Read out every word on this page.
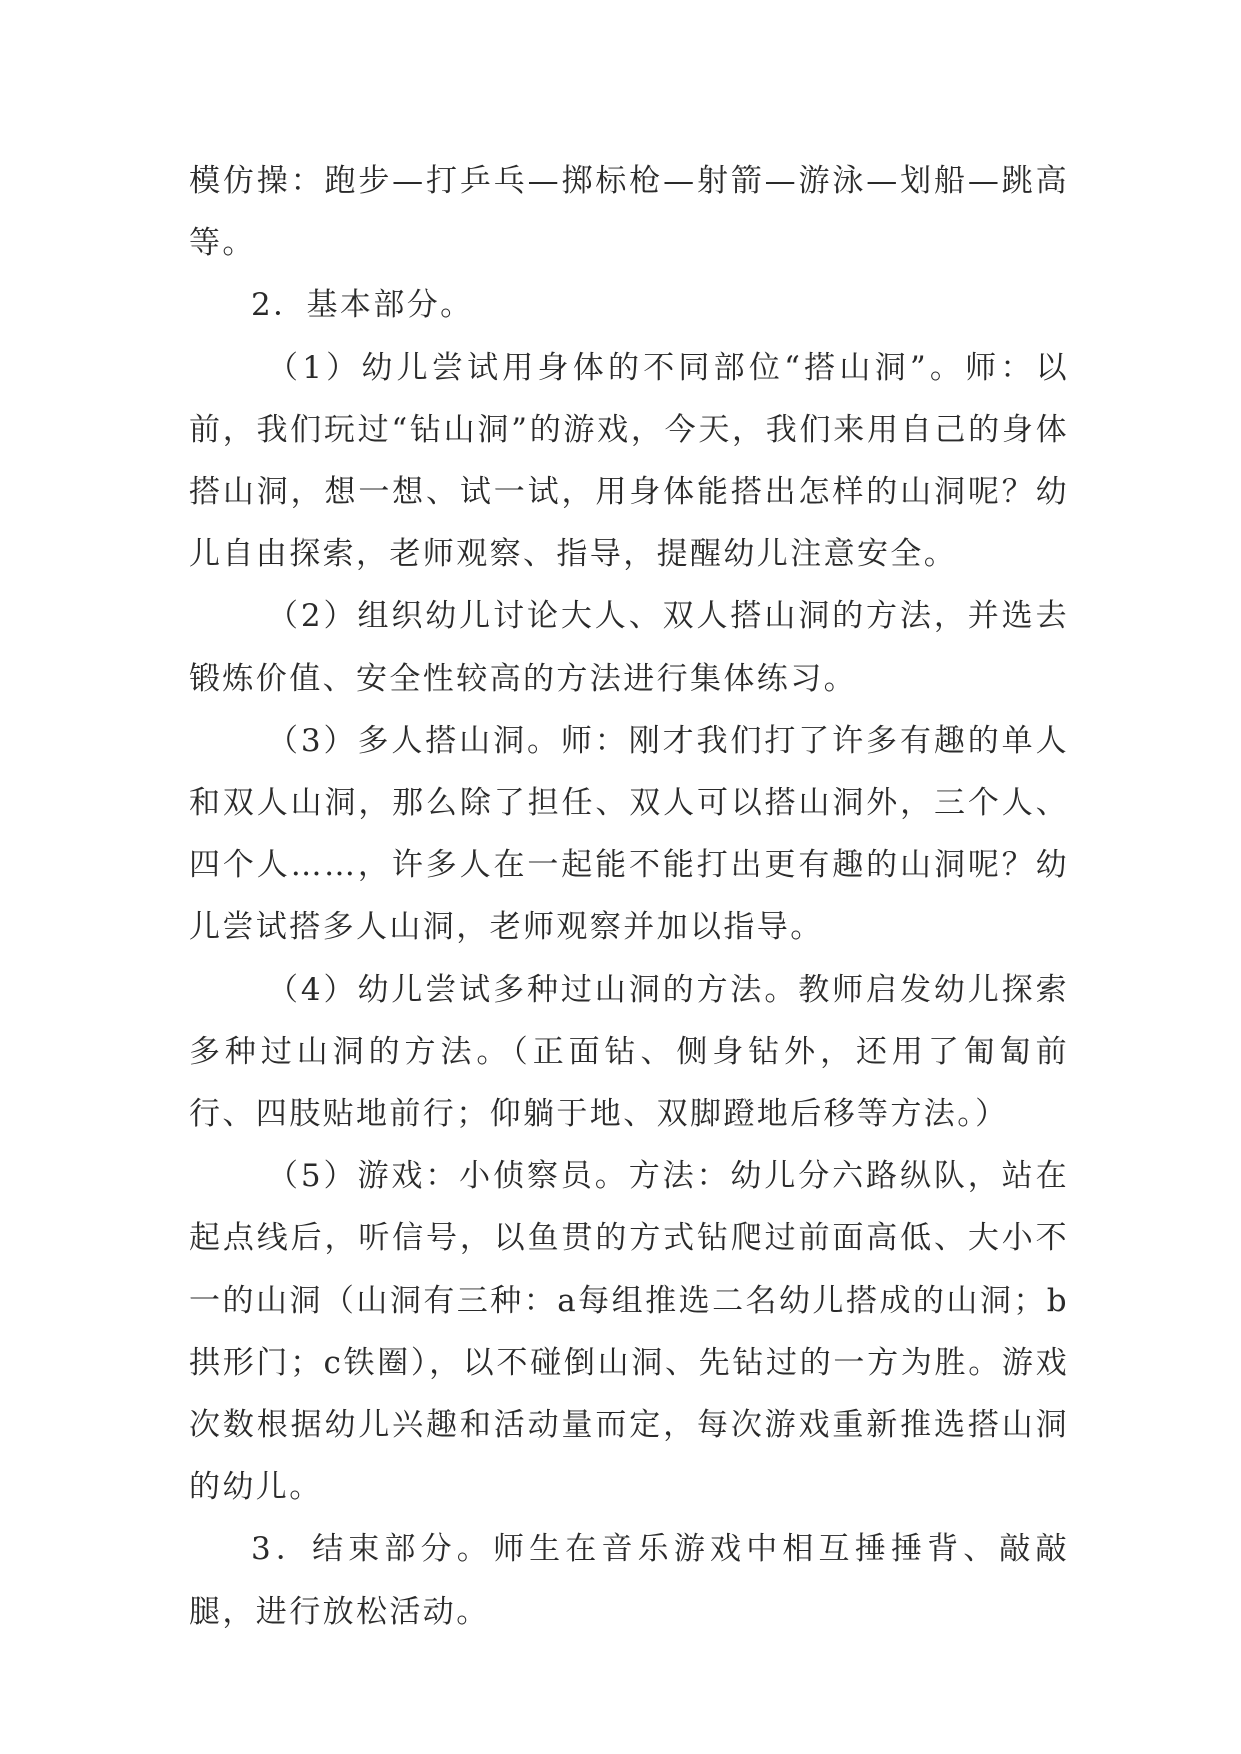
模仿操：跑步—打乒乓—掷标枪—射箭—游泳—划船—跳高等。

2．基本部分。

（1）幼儿尝试用身体的不同部位“搭山洞”。师：以前，我们玩过“钻山洞”的游戏，今天，我们来用自己的身体搭山洞，想一想、试一试，用身体能搭出怎样的山洞呢？幼儿自由探索，老师观察、指导，提醒幼儿注意安全。

（2）组织幼儿讨论大人、双人搭山洞的方法，并选去锻炼价值、安全性较高的方法进行集体练习。

（3）多人搭山洞。师：刚才我们打了许多有趣的单人和双人山洞，那么除了担任、双人可以搭山洞外，三个人、四个人……，许多人在一起能不能打出更有趣的山洞呢？幼儿尝试搭多人山洞，老师观察并加以指导。

（4）幼儿尝试多种过山洞的方法。教师启发幼儿探索多种过山洞的方法。（正面钻、侧身钻外，还用了匍匐前行、四肢贴地前行；仰躺于地、双脚蹬地后移等方法。）

（5）游戏：小侦察员。方法：幼儿分六路纵队，站在起点线后，听信号，以鱼贯的方式钻爬过前面高低、大小不一的山洞（山洞有三种：a每组推选二名幼儿搭成的山洞；b拱形门；c铁圈），以不碰倒山洞、先钻过的一方为胜。游戏次数根据幼儿兴趣和活动量而定，每次游戏重新推选搭山洞的幼儿。

3．结束部分。师生在音乐游戏中相互捶捶背、敲敲腿，进行放松活动。
